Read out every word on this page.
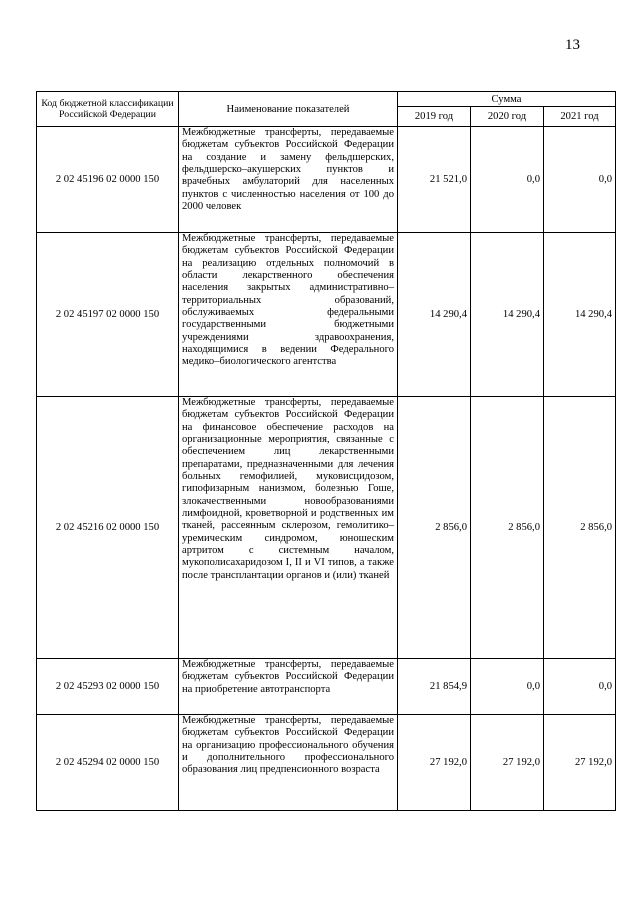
13
Код бюджетной классификации Российской Федерации	Наименование показателей	Сумма		
		2019 год	2020 год	2021 год
2 02 45196 02 0000 150	Межбюджетные трансферты, передаваемые бюджетам субъектов Российской Федерации на создание и замену фельдшерских, фельдшерско–акушерских пунктов и врачебных амбулаторий для населенных пунктов с численностью населения от 100 до 2000 человек	21 521,0	0,0	0,0
2 02 45197 02 0000 150	Межбюджетные трансферты, передаваемые бюджетам субъектов Российской Федерации на реализацию отдельных полномочий в области лекарственного обеспечения населения закрытых административно–территориальных образований, обслуживаемых федеральными государственными бюджетными учреждениями здравоохранения, находящимися в ведении Федерального медико–биологического агентства	14 290,4	14 290,4	14 290,4
2 02 45216 02 0000 150	Межбюджетные трансферты, передаваемые бюджетам субъектов Российской Федерации на финансовое обеспечение расходов на организационные мероприятия, связанные с обеспечением лиц лекарственными препаратами, предназначенными для лечения больных гемофилией, муковисцидозом, гипофизарным нанизмом, болезнью Гоше, злокачественными новообразованиями лимфоидной, кроветворной и родственных им тканей, рассеянным склерозом, гемолитико–уремическим синдромом, юношеским артритом с системным началом, мукополисахаридозом I, II и VI типов, а также после трансплантации органов и (или) тканей	2 856,0	2 856,0	2 856,0
2 02 45293 02 0000 150	Межбюджетные трансферты, передаваемые бюджетам субъектов Российской Федерации на приобретение автотранспорта	21 854,9	0,0	0,0
2 02 45294 02 0000 150	Межбюджетные трансферты, передаваемые бюджетам субъектов Российской Федерации на организацию профессионального обучения и дополнительного профессионального образования лиц предпенсионного возраста	27 192,0	27 192,0	27 192,0
